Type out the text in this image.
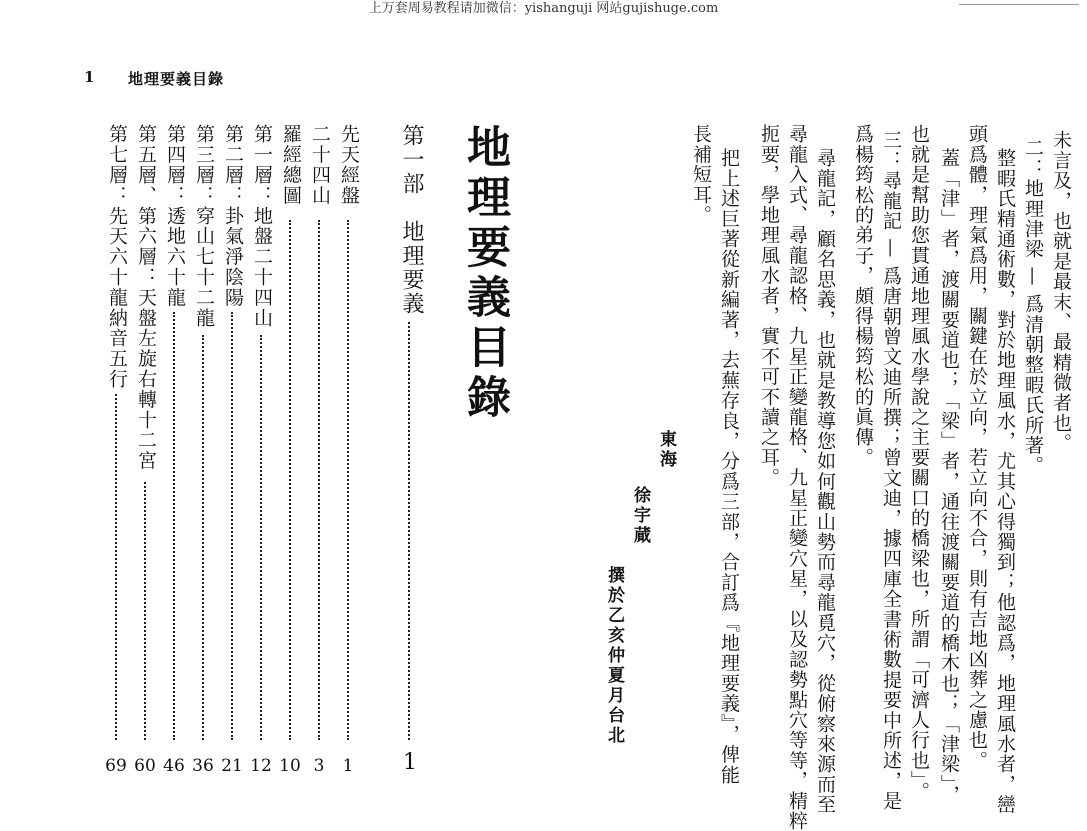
上万套周易教程请加微信：yishanguji 网站gujishuge.com
1 地理要義目錄
地理要義目錄
第一部　地理要義
1
先天經盤
1
二十四山
3
羅經總圖
10
第一層：地盤二十四山
12
第二層：卦氣淨陰陽
21
第三層：穿山七十二龍
36
第四層：透地六十龍
46
第五層、第六層：天盤左旋右轉十二宮
60
第七層：先天六十龍納音五行
69
未言及，也就是最末、最精微者也。
二：地理津梁 — 爲清朝整暇氏所著。
整暇氏精通術數，對於地理風水，尤其心得獨到；他認爲，地理風水者，巒
頭爲體，理氣爲用，關鍵在於立向，若立向不合，則有吉地凶葬之慮也。
蓋「津」者，渡關要道也；「梁」者，通往渡關要道的橋木也；「津梁」，
也就是幫助您貫通地理風水學說之主要關口的橋梁也，所謂「可濟人行也」。
三：尋龍記 — 爲唐朝曾文迪所撰；曾文迪，據四庫全書術數提要中所述，是
爲楊筠松的弟子，頗得楊筠松的眞傳。
尋龍記，顧名思義，也就是教導您如何觀山勢而尋龍覓穴，從俯察來源而至
尋龍入式、尋龍認格、九星正變龍格、九星正變穴星，以及認勢點穴等等，精粹
扼要，學地理風水者，實不可不讀之耳。
把上述巨著從新編著，去蕪存良，分爲三部，合訂爲『地理要義』，俾能
長補短耳。
東海
徐宇蕆
撰於乙亥仲夏月台北
